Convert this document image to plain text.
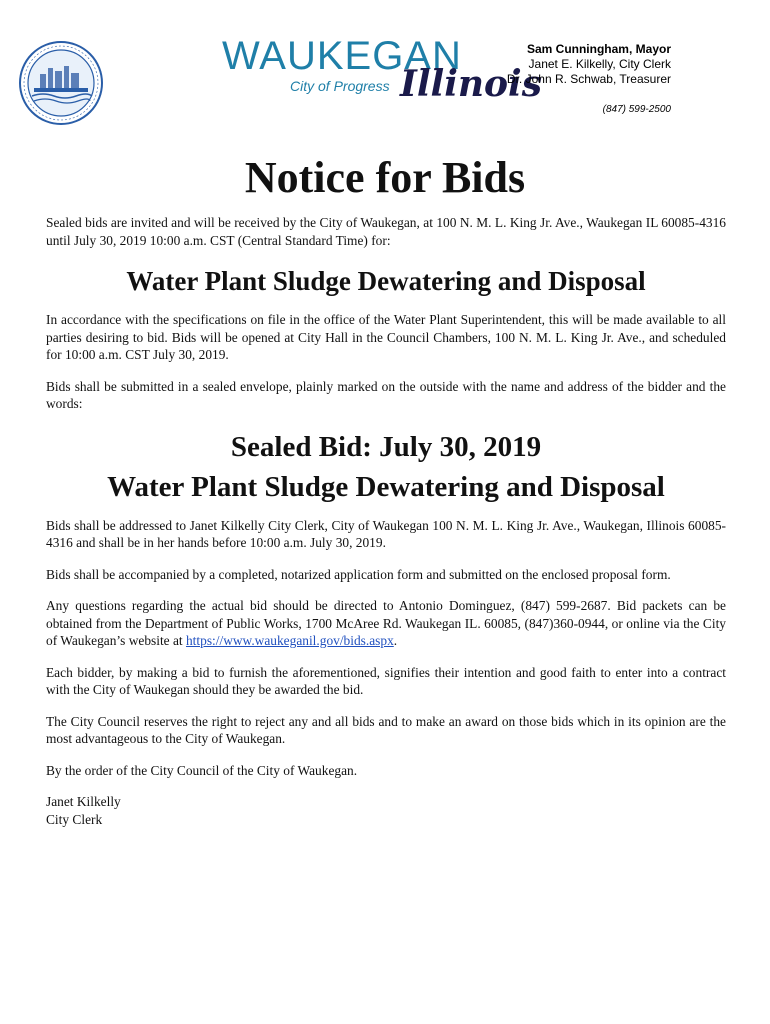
WAUKEGAN
City of Progress Illinois
Sam Cunningham, Mayor
Janet E. Kilkelly, City Clerk
Dr. John R. Schwab, Treasurer
(847) 599-2500
Notice for Bids

Sealed bids are invited and will be received by the City of Waukegan, at 100 N. M. L. King Jr. Ave., Waukegan IL 60085-4316 until July 30, 2019 10:00 a.m. CST (Central Standard Time) for:

Water Plant Sludge Dewatering and Disposal

In accordance with the specifications on file in the office of the Water Plant Superintendent, this will be made available to all parties desiring to bid. Bids will be opened at City Hall in the Council Chambers, 100 N. M. L. King Jr. Ave., and scheduled for 10:00 a.m. CST July 30, 2019.

Bids shall be submitted in a sealed envelope, plainly marked on the outside with the name and address of the bidder and the words:

Sealed Bid: July 30, 2019
Water Plant Sludge Dewatering and Disposal

Bids shall be addressed to Janet Kilkelly City Clerk, City of Waukegan 100 N. M. L. King Jr. Ave., Waukegan, Illinois 60085-4316 and shall be in her hands before 10:00 a.m. July 30, 2019.

Bids shall be accompanied by a completed, notarized application form and submitted on the enclosed proposal form.

Any questions regarding the actual bid should be directed to Antonio Dominguez, (847) 599-2687. Bid packets can be obtained from the Department of Public Works, 1700 McAree Rd. Waukegan IL. 60085, (847)360-0944, or online via the City of Waukegan’s website at https://www.waukeganil.gov/bids.aspx.

Each bidder, by making a bid to furnish the aforementioned, signifies their intention and good faith to enter into a contract with the City of Waukegan should they be awarded the bid.

The City Council reserves the right to reject any and all bids and to make an award on those bids which in its opinion are the most advantageous to the City of Waukegan.

By the order of the City Council of the City of Waukegan.

Janet Kilkelly
City Clerk
